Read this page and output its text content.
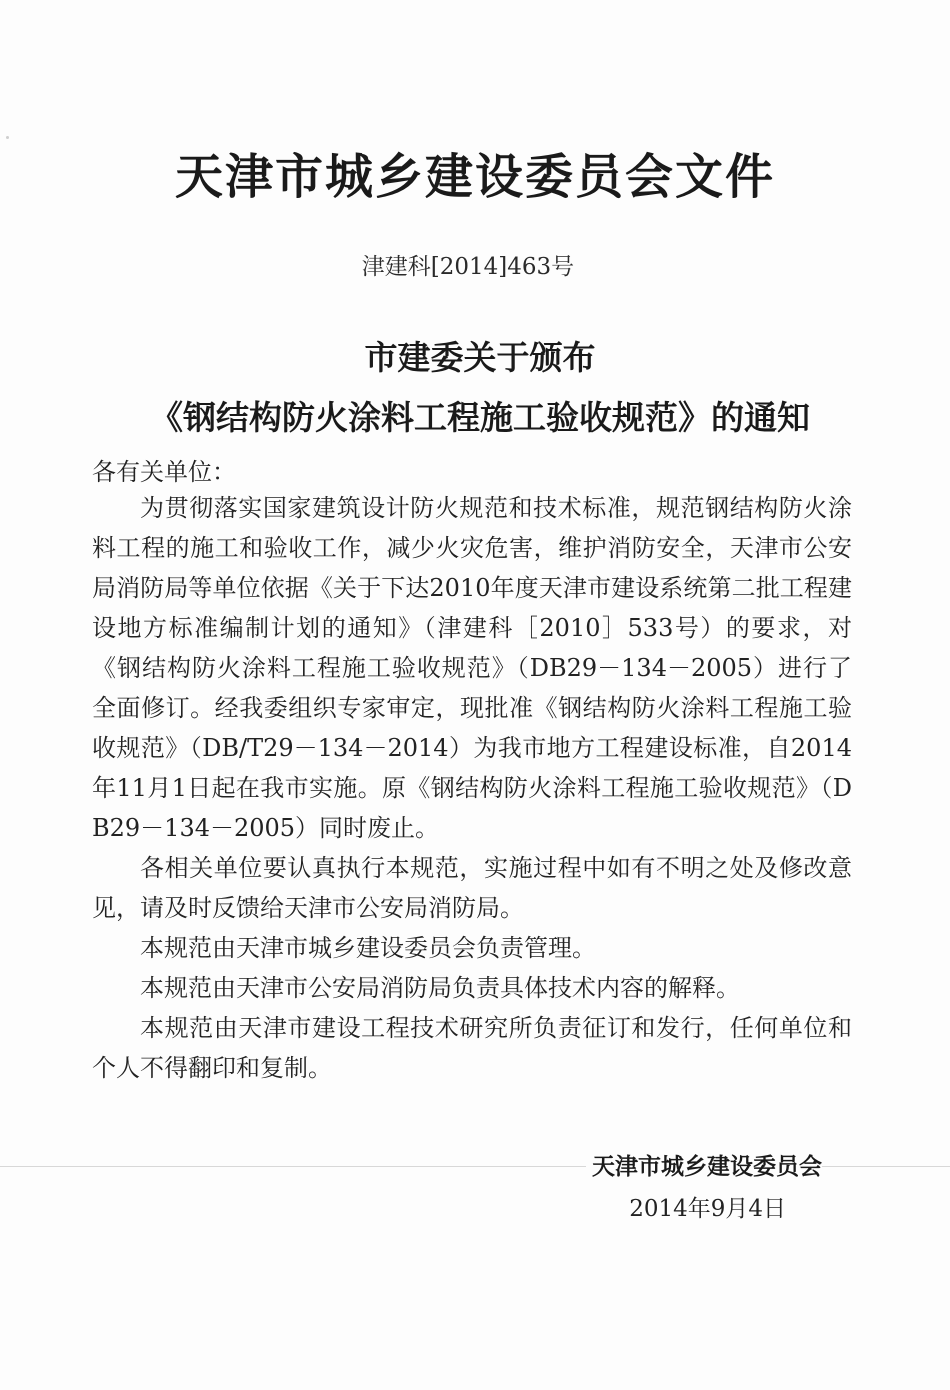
天津市城乡建设委员会文件
津建科[2014]463号
市建委关于颁布
《钢结构防火涂料工程施工验收规范》的通知
各有关单位：

为贯彻落实国家建筑设计防火规范和技术标准，规范钢结构防火涂料工程的施工和验收工作，减少火灾危害，维护消防安全，天津市公安局消防局等单位依据《关于下达2010年度天津市建设系统第二批工程建设地方标准编制计划的通知》（津建科［2010］533号）的要求，对《钢结构防火涂料工程施工验收规范》（DB29－134－2005）进行了全面修订。经我委组织专家审定，现批准《钢结构防火涂料工程施工验收规范》（DB/T29－134－2014）为我市地方工程建设标准，自2014年11月1日起在我市实施。原《钢结构防火涂料工程施工验收规范》（DB29－134－2005）同时废止。

各相关单位要认真执行本规范，实施过程中如有不明之处及修改意见，请及时反馈给天津市公安局消防局。

本规范由天津市城乡建设委员会负责管理。

本规范由天津市公安局消防局负责具体技术内容的解释。

本规范由天津市建设工程技术研究所负责征订和发行，任何单位和个人不得翻印和复制。

天津市城乡建设委员会
2014年9月4日
